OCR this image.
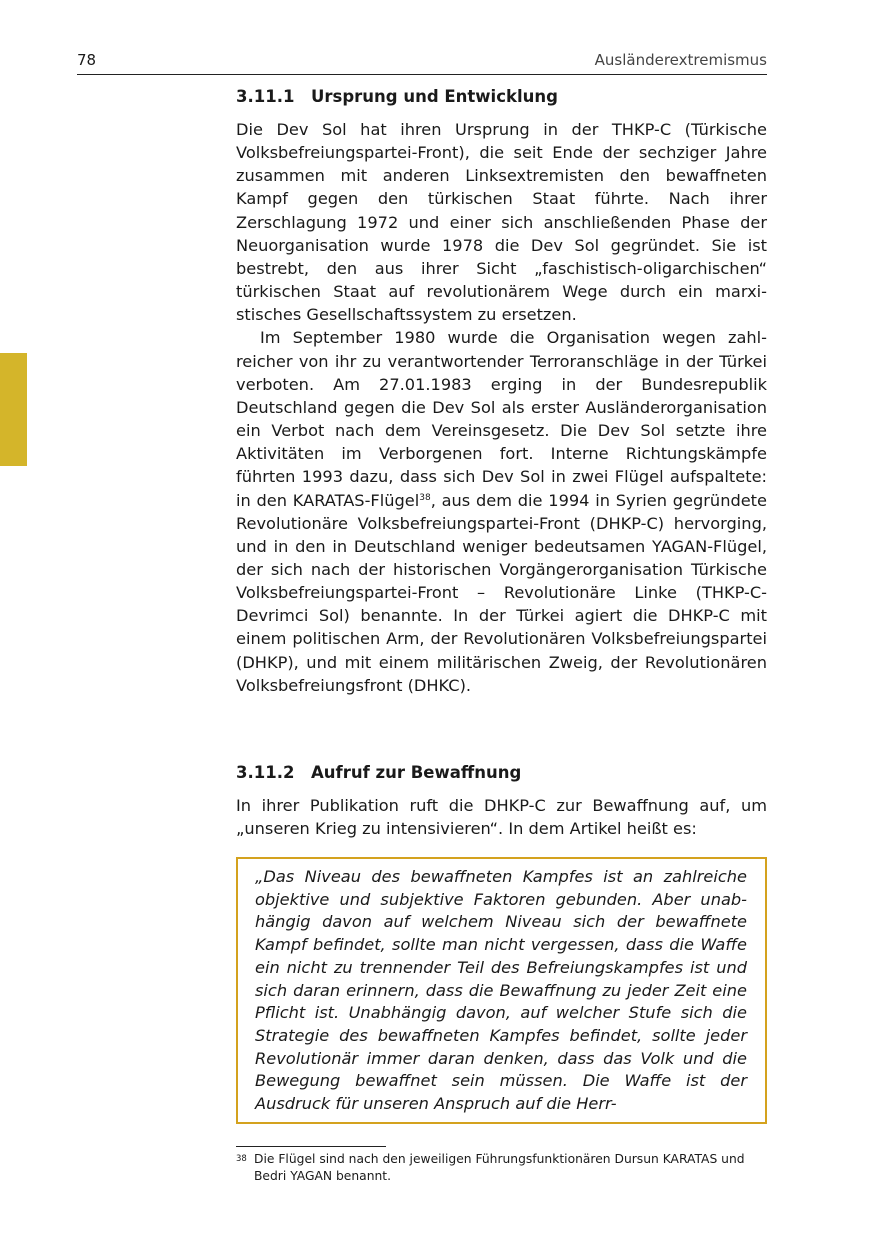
78	Ausländerextremismus
3.11.1 Ursprung und Entwicklung

Die Dev Sol hat ihren Ursprung in der THKP-C (Türkische Volksbefreiungspartei-Front), die seit Ende der sechziger Jahre zusammen mit anderen Linksextremisten den bewaffneten Kampf gegen den türkischen Staat führte. Nach ihrer Zerschlagung 1972 und einer sich anschließenden Phase der Neuorganisation wurde 1978 die Dev Sol gegründet. Sie ist bestrebt, den aus ihrer Sicht „faschistisch-oligarchischen“ türkischen Staat auf revolutionärem Wege durch ein marxistisches Gesellschaftssystem zu ersetzen.

Im September 1980 wurde die Organisation wegen zahlreicher von ihr zu verantwortender Terroranschläge in der Türkei verboten. Am 27.01.1983 erging in der Bundesrepublik Deutschland gegen die Dev Sol als erster Ausländerorganisation ein Verbot nach dem Vereinsgesetz. Die Dev Sol setzte ihre Aktivitäten im Verborgenen fort. Interne Richtungskämpfe führten 1993 dazu, dass sich Dev Sol in zwei Flügel aufspaltete: in den KARATAS-Flügel$^{38}$, aus dem die 1994 in Syrien gegründete Revolutionäre Volksbefreiungspartei-Front (DHKP-C) hervorging, und in den in Deutschland weniger bedeutsamen YAGAN-Flügel, der sich nach der historischen Vorgängerorganisation Türkische Volksbefreiungspartei-Front – Revolutionäre Linke (THKP-C-Devrimci Sol) benannte. In der Türkei agiert die DHKP-C mit einem politischen Arm, der Revolutionären Volksbefreiungspartei (DHKP), und mit einem militärischen Zweig, der Revolutionären Volksbefreiungsfront (DHKC).

3.11.2 Aufruf zur Bewaffnung

In ihrer Publikation ruft die DHKP-C zur Bewaffnung auf, um „unseren Krieg zu intensivieren“. In dem Artikel heißt es:

„Das Niveau des bewaffneten Kampfes ist an zahlreiche objektive und subjektive Faktoren gebunden. Aber unabhängig davon auf welchem Niveau sich der bewaffnete Kampf befindet, sollte man nicht vergessen, dass die Waffe ein nicht zu trennender Teil des Befreiungskampfes ist und sich daran erinnern, dass die Bewaffnung zu jeder Zeit eine Pflicht ist. Unabhängig davon, auf welcher Stufe sich die Strategie des bewaffneten Kampfes befindet, sollte jeder Revolutionär immer daran denken, dass das Volk und die Bewegung bewaffnet sein müssen. Die Waffe ist der Ausdruck für unseren Anspruch auf die Herr-

38 Die Flügel sind nach den jeweiligen Führungsfunktionären Dursun KARATAS und Bedri YAGAN benannt.
